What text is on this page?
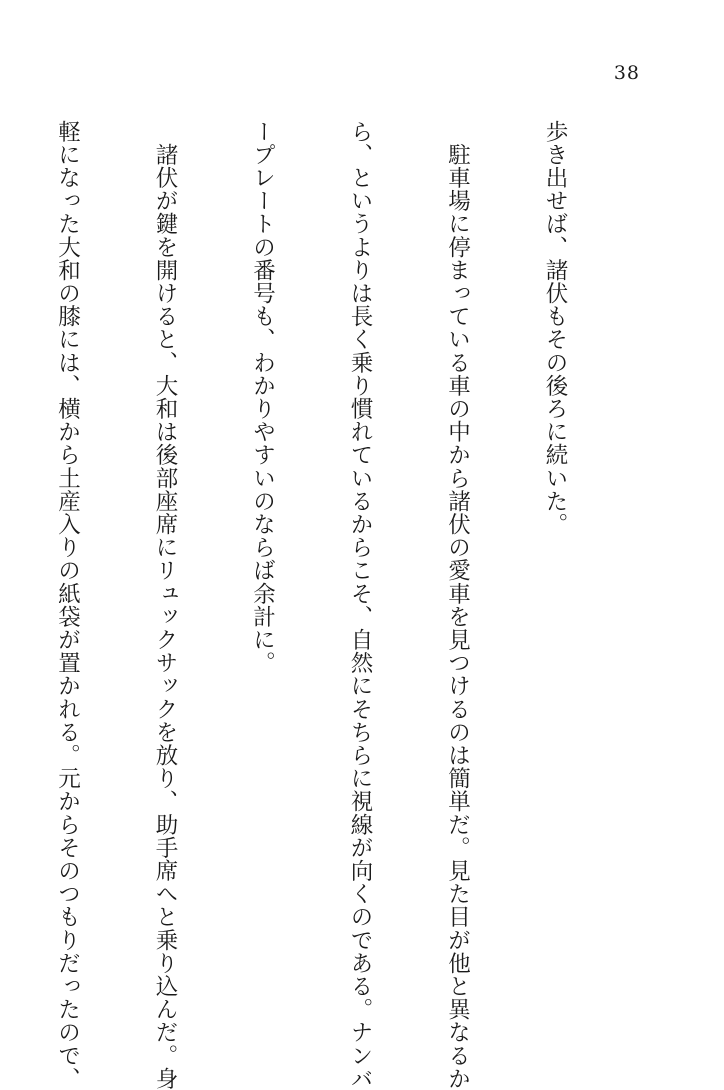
38

歩き出せば、諸伏もその後ろに続いた。

　駐車場に停まっている車の中から諸伏の愛車を見つけるのは簡単だ。見た目が他と異なるか

ら、というよりは長く乗り慣れているからこそ、自然にそちらに視線が向くのである。ナンバ

ープレートの番号も、わかりやすいのならば余計に。

　諸伏が鍵を開けると、大和は後部座席にリュックサックを放り、助手席へと乗り込んだ。身

軽になった大和の膝には、横から土産入りの紙袋が置かれる。元からそのつもりだったので、
